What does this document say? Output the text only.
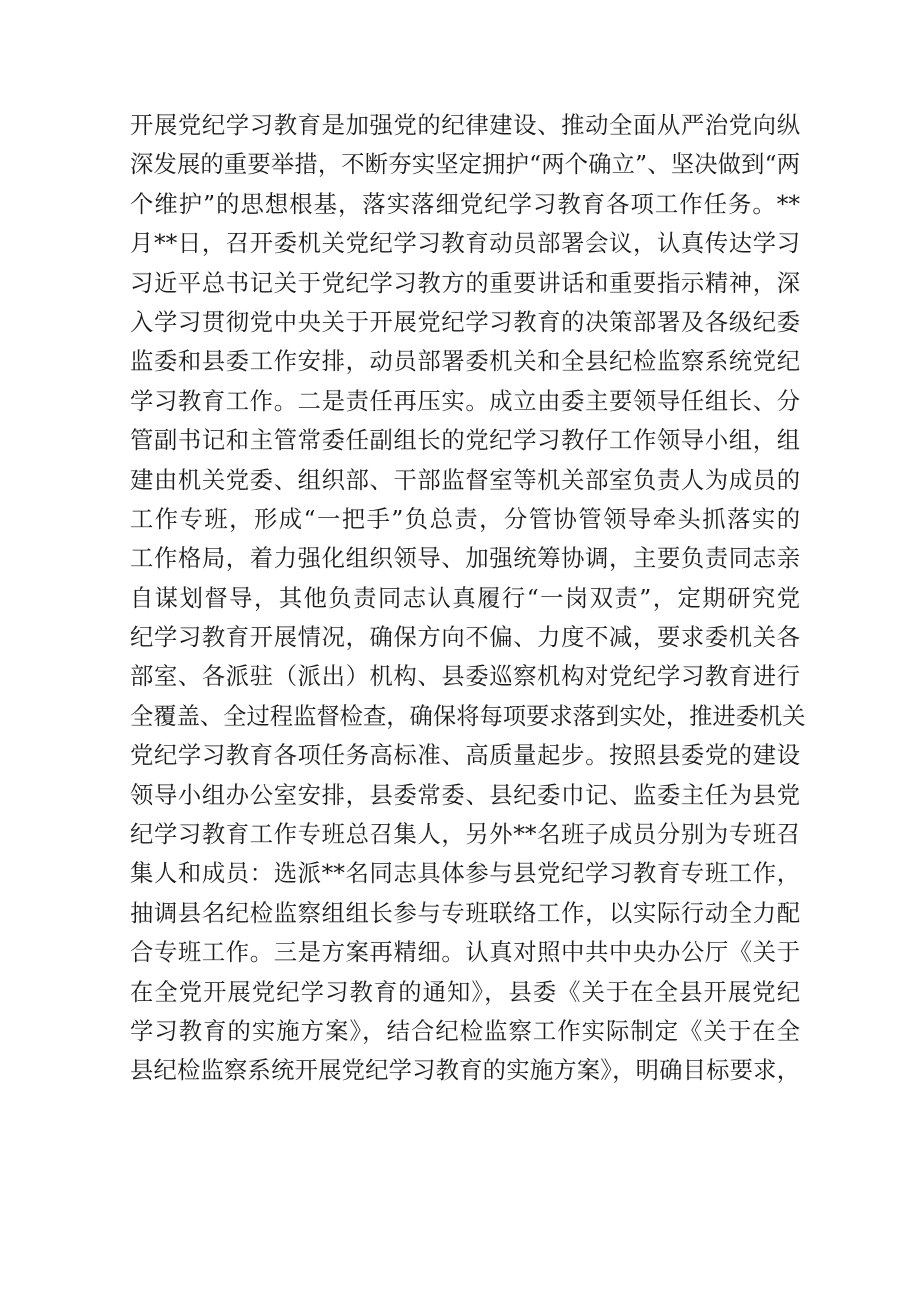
开展党纪学习教育是加强党的纪律建设、推动全面从严治党向纵
深发展的重要举措，不断夯实坚定拥护“两个确立”、坚决做到“两
个维护”的思想根基，落实落细党纪学习教育各项工作任务。**
月**日，召开委机关党纪学习教育动员部署会议，认真传达学习
习近平总书记关于党纪学习教方的重要讲话和重要指示精神，深
入学习贯彻党中央关于开展党纪学习教育的决策部署及各级纪委
监委和县委工作安排，动员部署委机关和全县纪检监察系统党纪
学习教育工作。二是责任再压实。成立由委主要领导任组长、分
管副书记和主管常委任副组长的党纪学习教仔工作领导小组，组
建由机关党委、组织部、干部监督室等机关部室负责人为成员的
工作专班，形成“一把手”负总责，分管协管领导牵头抓落实的
工作格局，着力强化组织领导、加强统筹协调，主要负责同志亲
自谋划督导，其他负责同志认真履行“一岗双责”，定期研究党
纪学习教育开展情况，确保方向不偏、力度不减，要求委机关各
部室、各派驻（派出）机构、县委巡察机构对党纪学习教育进行
全覆盖、全过程监督检查，确保将每项要求落到实处，推进委机关
党纪学习教育各项任务高标准、高质量起步。按照县委党的建设
领导小组办公室安排，县委常委、县纪委巾记、监委主任为县党
纪学习教育工作专班总召集人，另外**名班子成员分别为专班召
集人和成员：选派**名同志具体参与县党纪学习教育专班工作，
抽调县名纪检监察组组长参与专班联络工作，以实际行动全力配
合专班工作。三是方案再精细。认真对照中共中央办公厅《关于
在全党开展党纪学习教育的通知》，县委《关于在全县开展党纪
学习教育的实施方案》，结合纪检监察工作实际制定《关于在全
县纪检监察系统开展党纪学习教育的实施方案》，明确目标要求，
